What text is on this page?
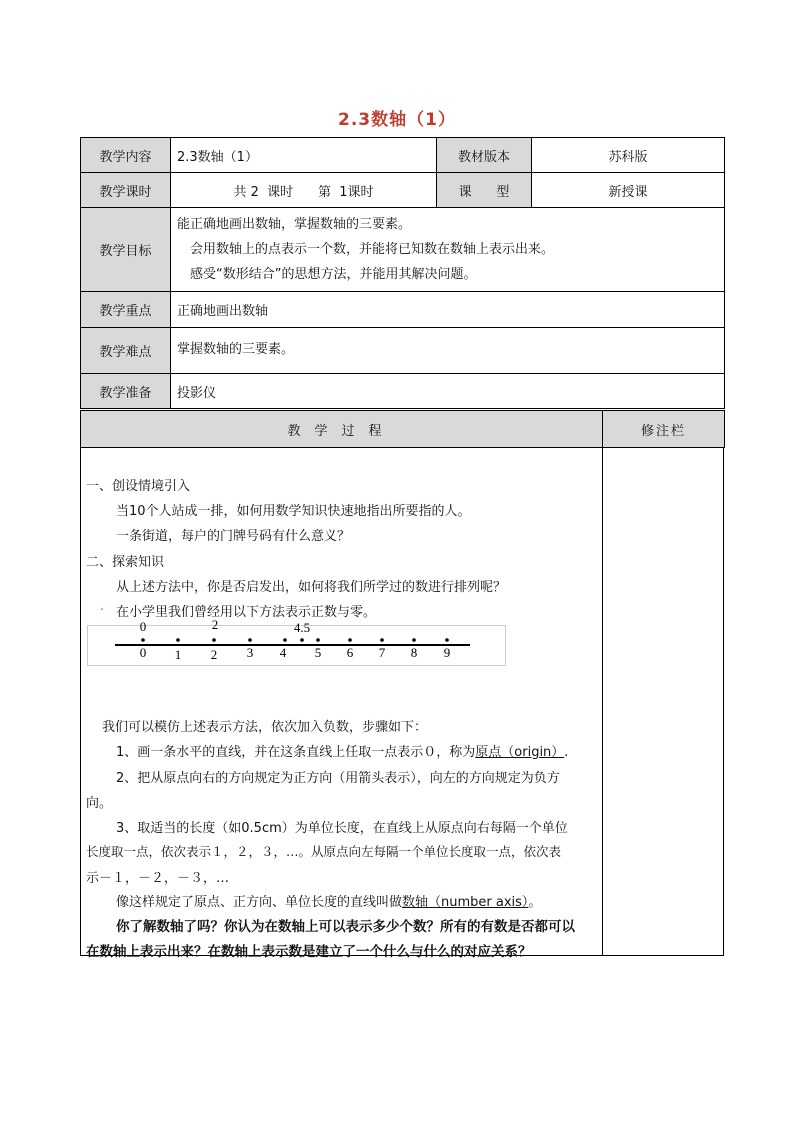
2.3数轴（1）
教学内容	2.3数轴（1）	教材版本	苏科版
教学课时	共 2  课时      第  1课时	课      型	新授课
教学目标	能正确地画出数轴，掌握数轴的三要素。
会用数轴上的点表示一个数，并能将已知数在数轴上表示出来。
感受“数形结合”的思想方法，并能用其解决问题。		

教学重点	正确地画出数轴		
教学难点	掌握数轴的三要素。		
教学准备	投影仪		
教学过程	修注栏
一、创设情境引入
当10个人站成一排，如何用数学知识快速地指出所要指的人。
一条街道，每户的门牌号码有什么意义？
二、探索知识
从上述方法中，你是否启发出，如何将我们所学过的数进行排列呢？
. 在小学里我们曾经用以下方法表示正数与零。
0	2	4.5
0 1 2 3 4 5 6 7 8 9
我们可以模仿上述表示方法，依次加入负数，步骤如下：
1、画一条水平的直线，并在这条直线上任取一点表示０，称为原点（origin）.
2、把从原点向右的方向规定为正方向（用箭头表示），向左的方向规定为负方
向。
3、取适当的长度（如0.5cm）为单位长度，在直线上从原点向右每隔一个单位
长度取一点，依次表示１，２，３，…。从原点向左每隔一个单位长度取一点，依次表
示－１，－２，－３，…
像这样规定了原点、正方向、单位长度的直线叫做数轴（number axis）。
你了解数轴了吗？你认为在数轴上可以表示多少个数？所有的有数是否都可以
在数轴上表示出来？在数轴上表示数是建立了一个什么与什么的对应关系？
